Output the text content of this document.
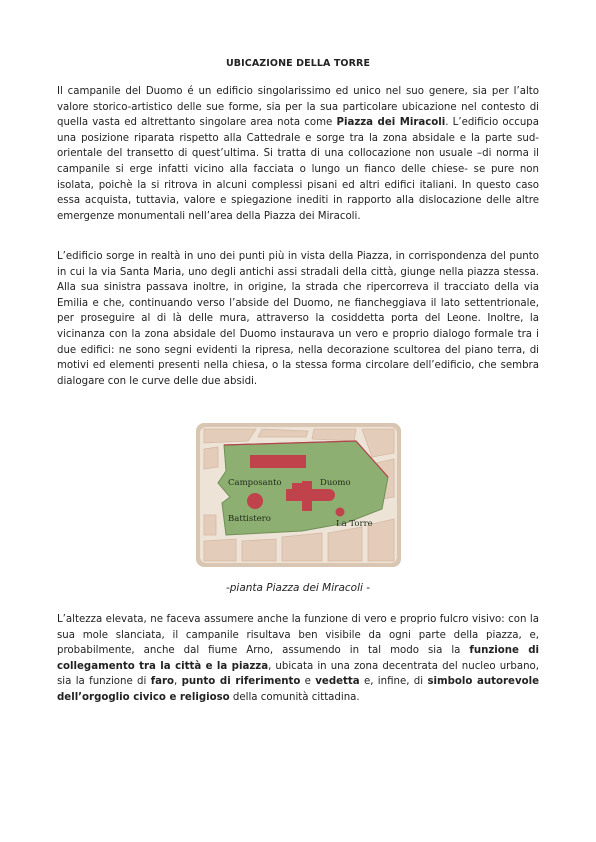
UBICAZIONE DELLA TORRE

Il campanile del Duomo é un edificio singolarissimo ed unico nel suo genere, sia per l’alto valore storico-artistico delle sue forme, sia per la sua particolare ubicazione nel contesto di quella vasta ed altrettanto singolare area nota come Piazza dei Miracoli. L’edificio occupa una posizione riparata rispetto alla Cattedrale e sorge tra la zona absidale e la parte sud-orientale del transetto di quest’ultima. Si tratta di una collocazione non usuale –di norma il campanile si erge infatti vicino alla facciata o lungo un fianco delle chiese- se pure non isolata, poichè la si ritrova in alcuni complessi pisani ed altri edifici italiani. In questo caso essa acquista, tuttavia, valore e spiegazione inediti in rapporto alla dislocazione delle altre emergenze monumentali nell’area della Piazza dei Miracoli.

L’edificio sorge in realtà in uno dei punti più in vista della Piazza, in corrispondenza del punto in cui la via Santa Maria, uno degli antichi assi stradali della città, giunge nella piazza stessa. Alla sua sinistra passava inoltre, in origine, la strada che ripercorreva il tracciato della via Emilia e che, continuando verso l’abside del Duomo, ne fiancheggiava il lato settentrionale, per proseguire al di là delle mura, attraverso la cosiddetta porta del Leone. Inoltre, la vicinanza con la zona absidale del Duomo instaurava un vero e proprio dialogo formale tra i due edifici: ne sono segni evidenti la ripresa, nella decorazione scultorea del piano terra, di motivi ed elementi presenti nella chiesa, o la stessa forma circolare dell’edificio, che sembra dialogare con le curve delle due absidi.

Camposanto	Duomo
Battistero	La Torre
-pianta Piazza dei Miracoli -

L’altezza elevata, ne faceva assumere anche la funzione di vero e proprio fulcro visivo: con la sua mole slanciata, il campanile risultava ben visibile da ogni parte della piazza, e, probabilmente, anche dal fiume Arno, assumendo in tal modo sia la funzione di collegamento tra la città e la piazza, ubicata in una zona decentrata del nucleo urbano, sia la funzione di faro, punto di riferimento e vedetta e, infine, di simbolo autorevole dell’orgoglio civico e religioso della comunità cittadina.
